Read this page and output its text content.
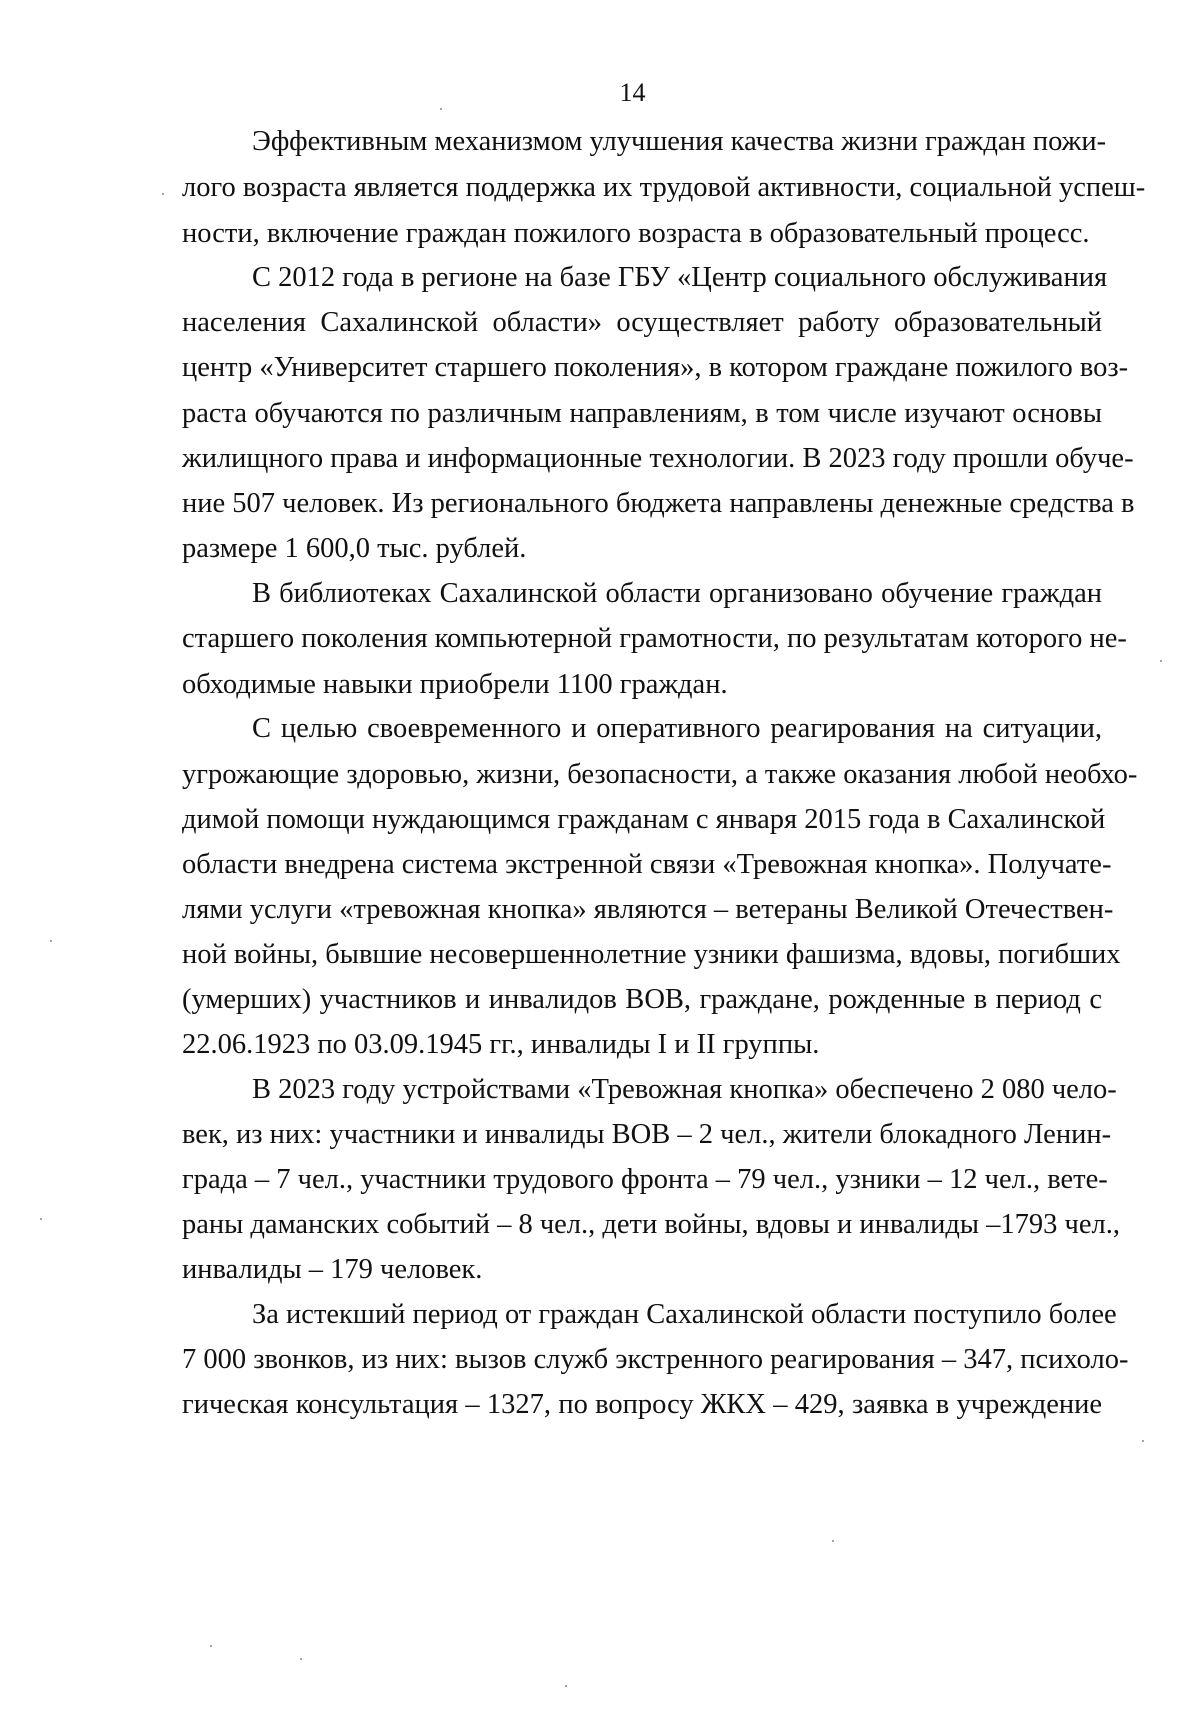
14
Эффективным механизмом улучшения качества жизни граждан пожи-
лого возраста является поддержка их трудовой активности, социальной успеш-
ности, включение граждан пожилого возраста в образовательный процесс.
С 2012 года в регионе на базе ГБУ «Центр социального обслуживания
населения Сахалинской области» осуществляет работу образовательный
центр «Университет старшего поколения», в котором граждане пожилого воз-
раста обучаются по различным направлениям, в том числе изучают основы
жилищного права и информационные технологии. В 2023 году прошли обуче-
ние 507 человек. Из регионального бюджета направлены денежные средства в
размере 1 600,0 тыс. рублей.
В библиотеках Сахалинской области организовано обучение граждан
старшего поколения компьютерной грамотности, по результатам которого не-
обходимые навыки приобрели 1100 граждан.
С целью своевременного и оперативного реагирования на ситуации,
угрожающие здоровью, жизни, безопасности, а также оказания любой необхо-
димой помощи нуждающимся гражданам с января 2015 года в Сахалинской
области внедрена система экстренной связи «Тревожная кнопка». Получате-
лями услуги «тревожная кнопка» являются – ветераны Великой Отечествен-
ной войны, бывшие несовершеннолетние узники фашизма, вдовы, погибших
(умерших) участников и инвалидов ВОВ, граждане, рожденные в период с
22.06.1923 по 03.09.1945 гг., инвалиды I и II группы.
В 2023 году устройствами «Тревожная кнопка» обеспечено 2 080 чело-
век, из них: участники и инвалиды ВОВ – 2 чел., жители блокадного Ленин-
града – 7 чел., участники трудового фронта – 79 чел., узники – 12 чел., вете-
раны даманских событий – 8 чел., дети войны, вдовы и инвалиды –1793 чел.,
инвалиды – 179 человек.
За истекший период от граждан Сахалинской области поступило более
7 000 звонков, из них: вызов служб экстренного реагирования – 347, психоло-
гическая консультация – 1327, по вопросу ЖКХ – 429, заявка в учреждение
